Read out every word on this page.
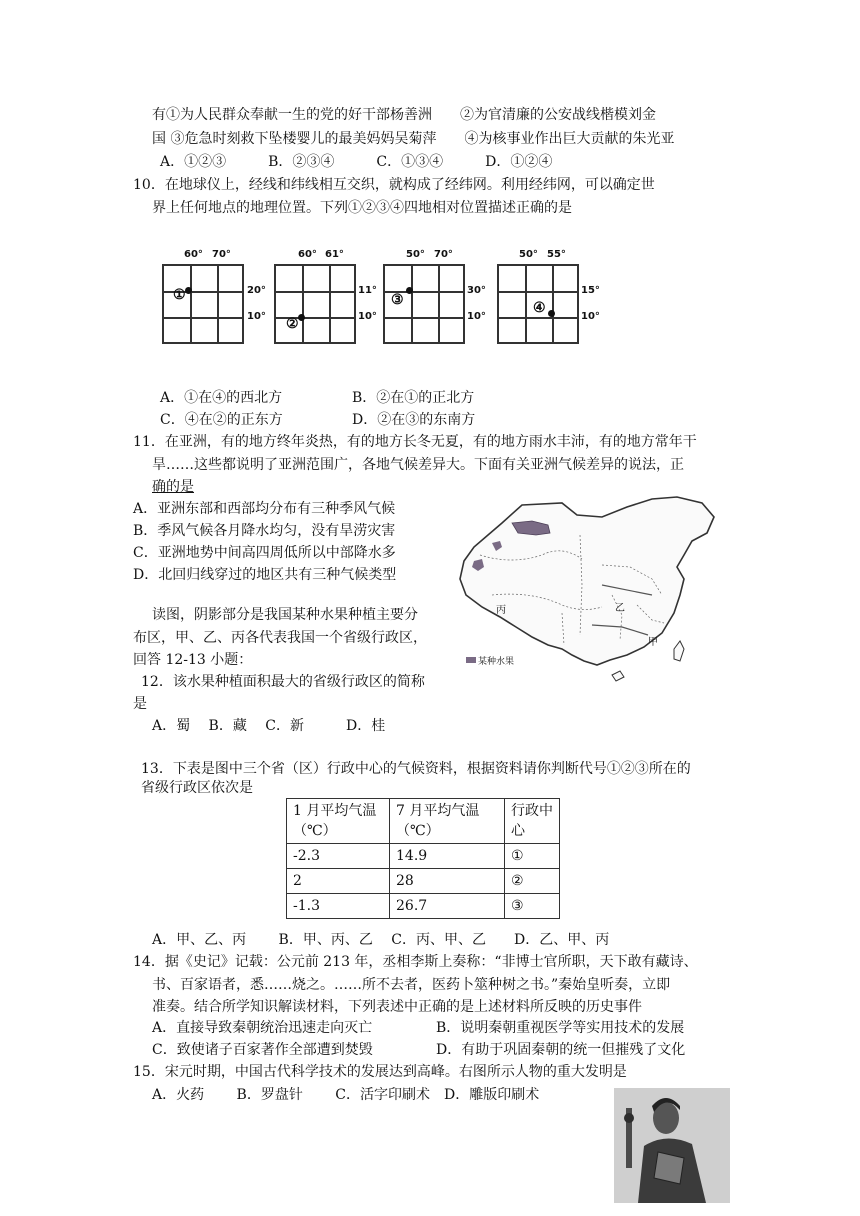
有①为人民群众奉献一生的党的好干部杨善洲　　②为官清廉的公安战线楷模刘金
国 ③危急时刻救下坠楼婴儿的最美妈妈吴菊萍　　④为核事业作出巨大贡献的朱光亚
A．①②③　　　B．②③④　　　C．①③④　　　D．①②④
10．在地球仪上，经线和纬线相互交织，就构成了经纬网。利用经纬网，可以确定世
界上任何地点的地理位置。下列①②③④四地相对位置描述正确的是
60° 70°
20°
10°
①
60° 61°
11°
10°
②
50° 70°
30°
10°
③
50° 55°
15°
10°
④
A．①在④的西北方	B．②在①的正北方
C．④在②的正东方	D．②在③的东南方
11．在亚洲，有的地方终年炎热，有的地方长冬无夏，有的地方雨水丰沛，有的地方常年干
旱……这些都说明了亚洲范围广，各地气候差异大。下面有关亚洲气候差异的说法，正
确的是
A．亚洲东部和西部均分布有三种季风气候
B．季风气候各月降水均匀，没有旱涝灾害
C．亚洲地势中间高四周低所以中部降水多
D．北回归线穿过的地区共有三种气候类型
读图，阴影部分是我国某种水果种植主要分
布区，甲、乙、丙各代表我国一个省级行政区，
回答 12-13 小题：	某种水果
丙	乙
甲
12．该水果种植面积最大的省级行政区的简称
是
A．蜀　 B．藏　 C．新　　　D．桂
13．下表是图中三个省（区）行政中心的气候资料，根据资料请你判断代号①②③所在的
省级行政区依次是
1 月平均气温（℃）	7 月平均气温（℃）	行政中心
-2.3	14.9	①
2	28	②
-1.3	26.7	③
A．甲、乙、丙　　 B．甲、丙、乙　 C．丙、甲、乙　　D．乙、甲、丙
14．据《史记》记载：公元前 213 年，丞相李斯上奏称：“非博士官所职，天下敢有藏诗、
书、百家语者，悉……烧之。……所不去者，医药卜筮种树之书。”秦始皇听奏，立即
准奏。结合所学知识解读材料，下列表述中正确的是上述材料所反映的历史事件
A．直接导致秦朝统治迅速走向灭亡	B．说明秦朝重视医学等实用技术的发展
C．致使诸子百家著作全部遭到焚毁	D．有助于巩固秦朝的统一但摧残了文化
15．宋元时期，中国古代科学技术的发展达到高峰。右图所示人物的重大发明是
A．火药　　 B．罗盘针　　 C．活字印刷术　D．雕版印刷术
